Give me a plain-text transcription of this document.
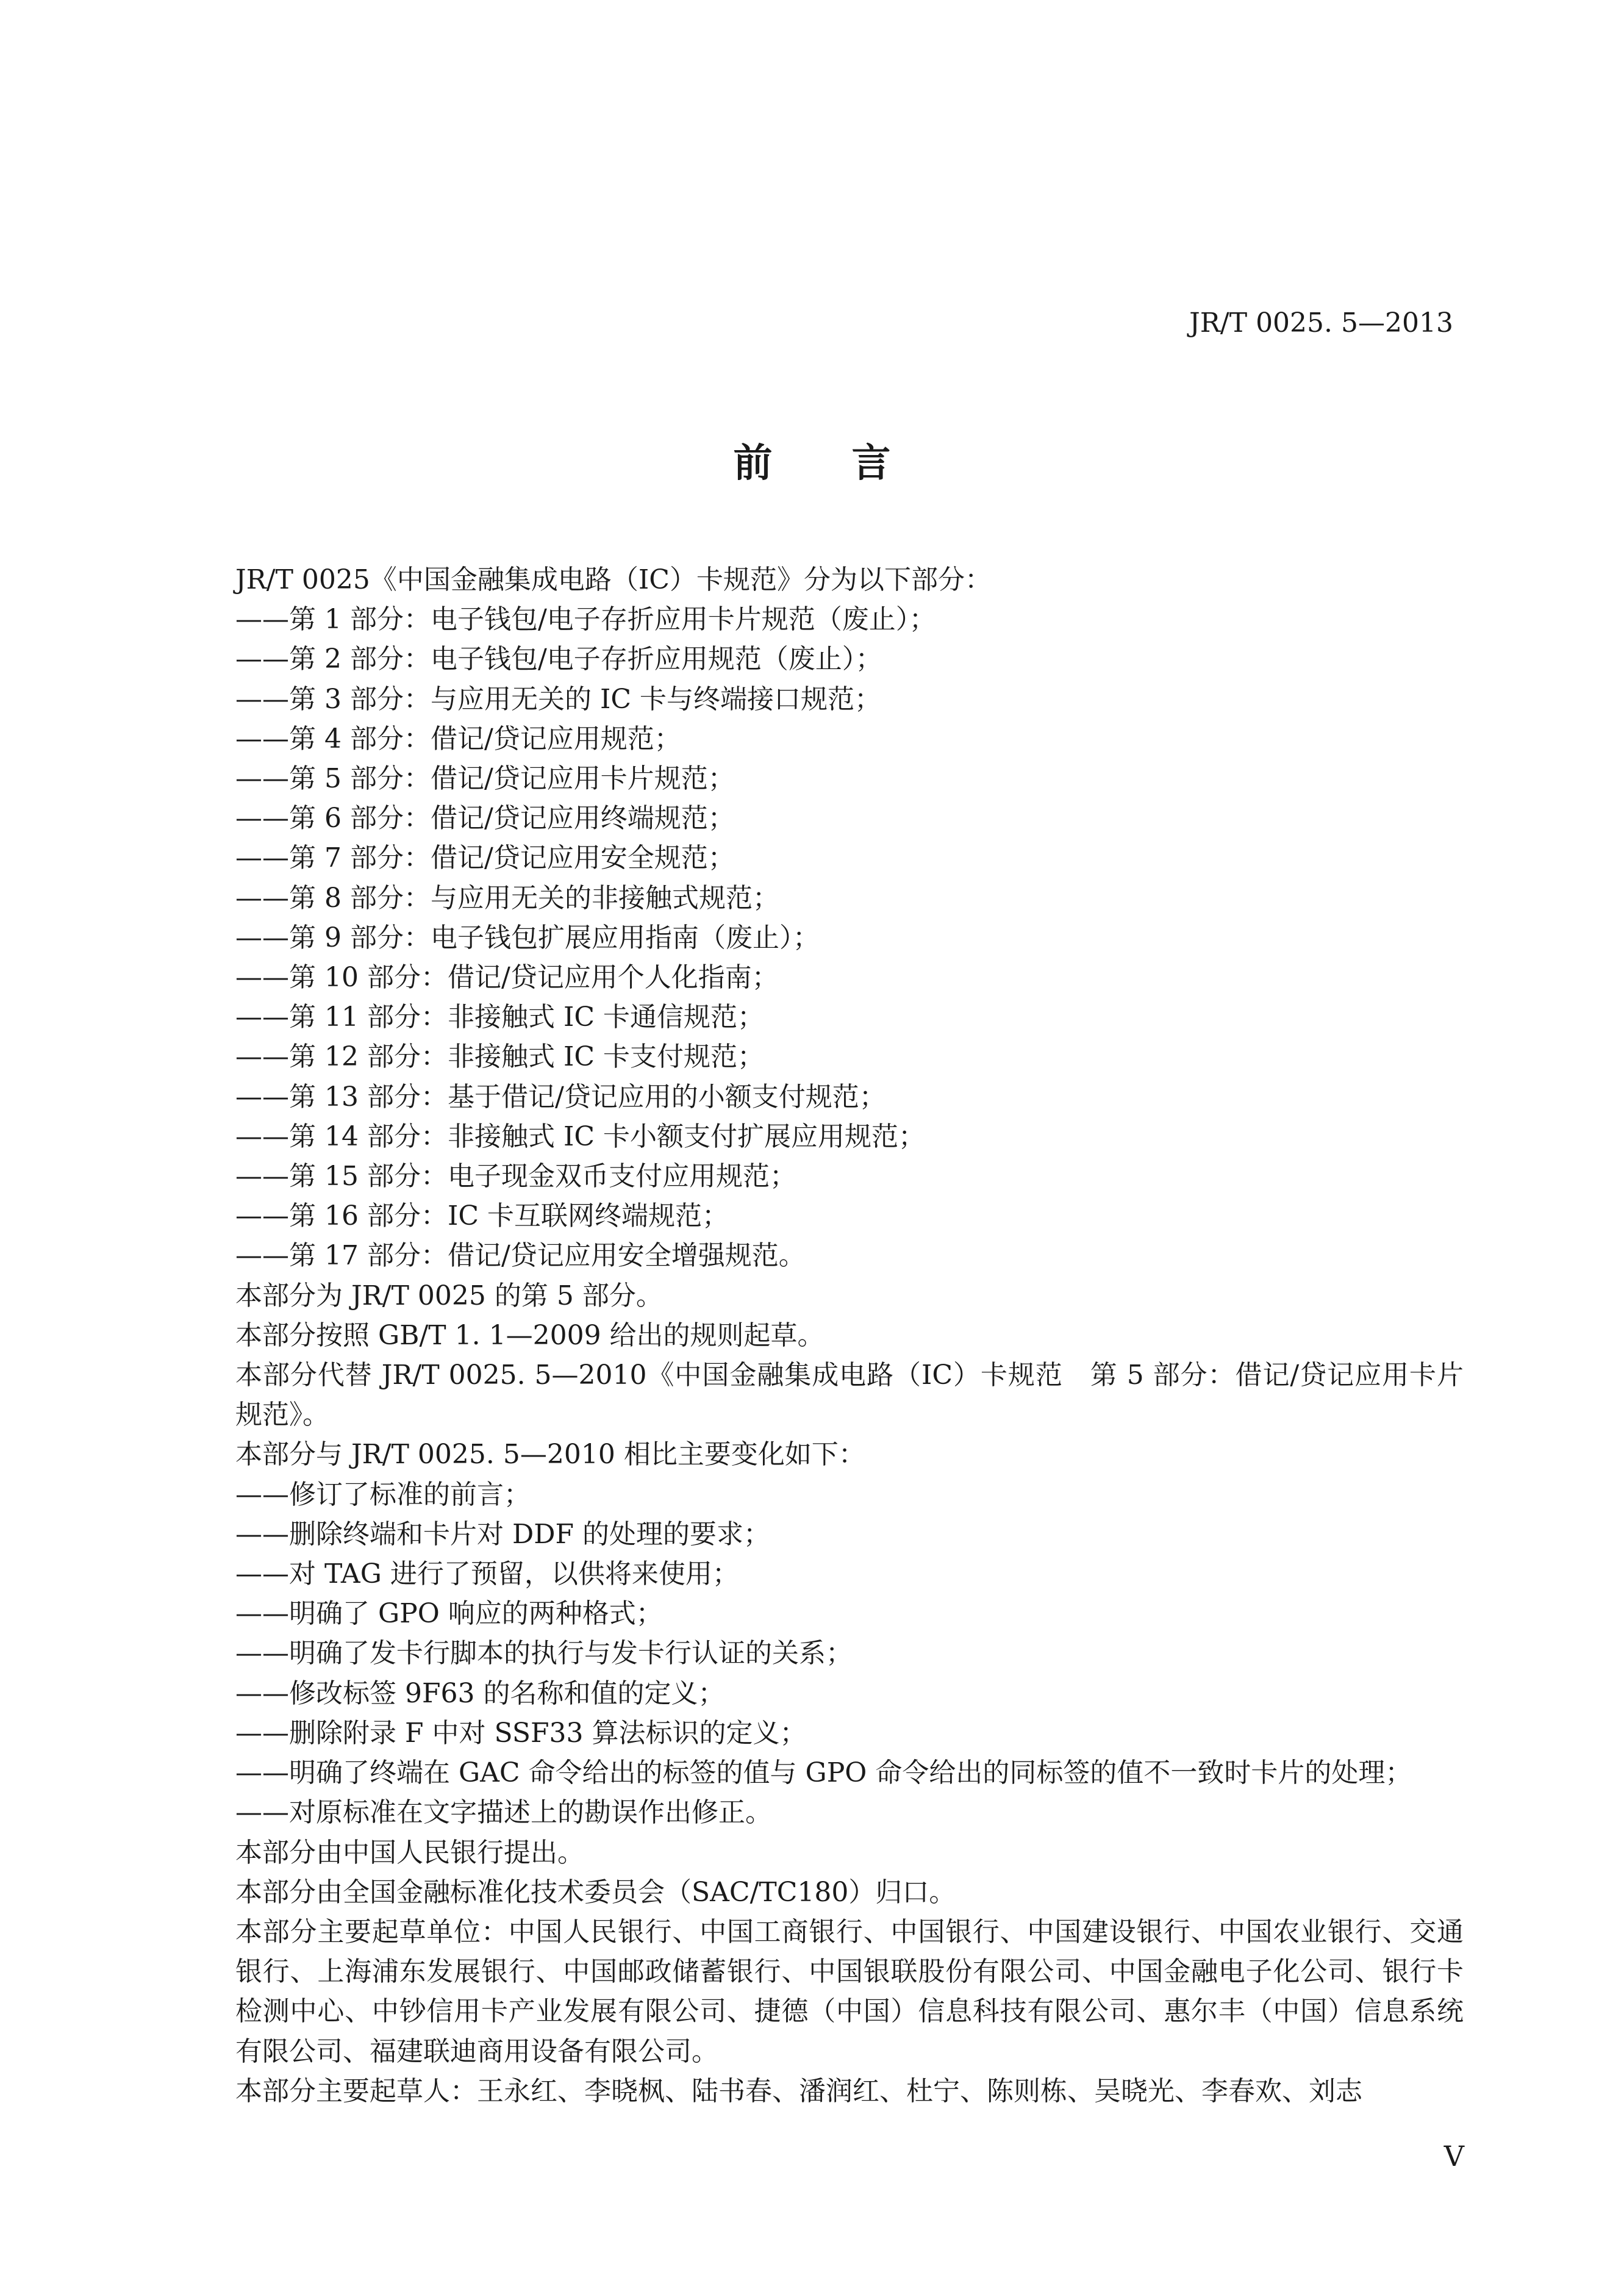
JR/T 0025. 5—2013
前言

JR/T 0025《中国金融集成电路（IC）卡规范》分为以下部分：

——第 1 部分：电子钱包/电子存折应用卡片规范（废止）；

——第 2 部分：电子钱包/电子存折应用规范（废止）；

——第 3 部分：与应用无关的 IC 卡与终端接口规范；

——第 4 部分：借记/贷记应用规范；

——第 5 部分：借记/贷记应用卡片规范；

——第 6 部分：借记/贷记应用终端规范；

——第 7 部分：借记/贷记应用安全规范；

——第 8 部分：与应用无关的非接触式规范；

——第 9 部分：电子钱包扩展应用指南（废止）；

——第 10 部分：借记/贷记应用个人化指南；

——第 11 部分：非接触式 IC 卡通信规范；

——第 12 部分：非接触式 IC 卡支付规范；

——第 13 部分：基于借记/贷记应用的小额支付规范；

——第 14 部分：非接触式 IC 卡小额支付扩展应用规范；

——第 15 部分：电子现金双币支付应用规范；

——第 16 部分：IC 卡互联网终端规范；

——第 17 部分：借记/贷记应用安全增强规范。

本部分为 JR/T 0025 的第 5 部分。

本部分按照 GB/T 1. 1—2009 给出的规则起草。

本部分代替 JR/T 0025. 5—2010《中国金融集成电路（IC）卡规范　第 5 部分：借记/贷记应用卡片规范》。

本部分与 JR/T 0025. 5—2010 相比主要变化如下：

——修订了标准的前言；

——删除终端和卡片对 DDF 的处理的要求；

——对 TAG 进行了预留，以供将来使用；

——明确了 GPO 响应的两种格式；

——明确了发卡行脚本的执行与发卡行认证的关系；

——修改标签 9F63 的名称和值的定义；

——删除附录 F 中对 SSF33 算法标识的定义；

——明确了终端在 GAC 命令给出的标签的值与 GPO 命令给出的同标签的值不一致时卡片的处理；

——对原标准在文字描述上的勘误作出修正。

本部分由中国人民银行提出。

本部分由全国金融标准化技术委员会（SAC/TC180）归口。

本部分主要起草单位：中国人民银行、中国工商银行、中国银行、中国建设银行、中国农业银行、交通银行、上海浦东发展银行、中国邮政储蓄银行、中国银联股份有限公司、中国金融电子化公司、银行卡检测中心、中钞信用卡产业发展有限公司、捷德（中国）信息科技有限公司、惠尔丰（中国）信息系统有限公司、福建联迪商用设备有限公司。

本部分主要起草人：王永红、李晓枫、陆书春、潘润红、杜宁、陈则栋、吴晓光、李春欢、刘志

V
